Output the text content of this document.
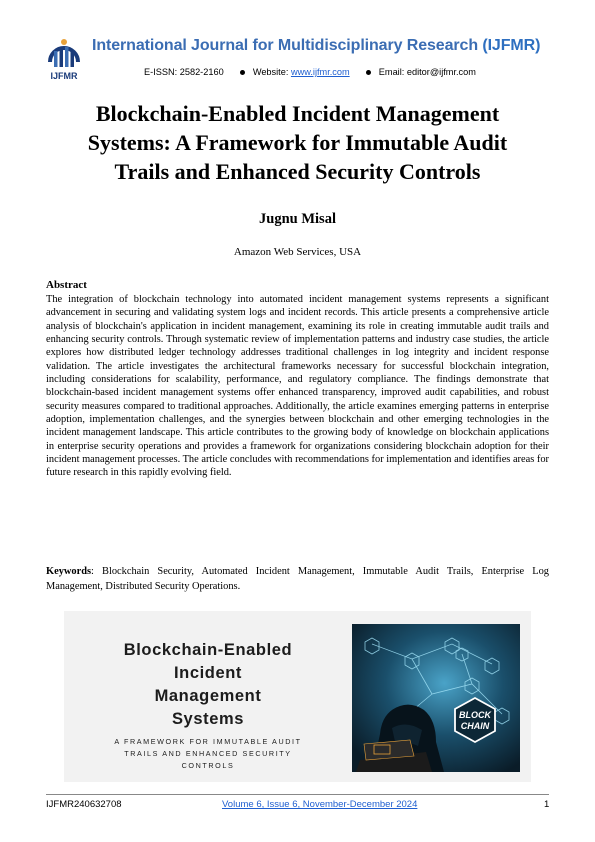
IJFMR
International Journal for Multidisciplinary Research (IJFMR)
E-ISSN: 2582-2160	Website: www.ijfmr.com	Email: editor@ijfmr.com
Blockchain-Enabled Incident Management
Systems: A Framework for Immutable Audit
Trails and Enhanced Security Controls
Jugnu Misal
Amazon Web Services, USA
Abstract

The integration of blockchain technology into automated incident management systems represents a significant advancement in securing and validating system logs and incident records. This article presents a comprehensive article analysis of blockchain's application in incident management, examining its role in creating immutable audit trails and enhancing security controls. Through systematic review of implementation patterns and industry case studies, the article explores how distributed ledger technology addresses traditional challenges in log integrity and incident response validation. The article investigates the architectural frameworks necessary for successful blockchain integration, including considerations for scalability, performance, and regulatory compliance. The findings demonstrate that blockchain-based incident management systems offer enhanced transparency, improved audit capabilities, and robust security measures compared to traditional approaches. Additionally, the article examines emerging patterns in enterprise adoption, implementation challenges, and the synergies between blockchain and other emerging technologies in the incident management landscape. This article contributes to the growing body of knowledge on blockchain applications in enterprise security operations and provides a framework for organizations considering blockchain adoption for their incident management processes. The article concludes with recommendations for implementation and identifies areas for future research in this rapidly evolving field.

Keywords: Blockchain Security, Automated Incident Management, Immutable Audit Trails, Enterprise Log Management, Distributed Security Operations.

Blockchain-Enabled
Incident
Management
Systems
A FRAMEWORK FOR IMMUTABLE AUDIT
TRAILS AND ENHANCED SECURITY
CONTROLS
BLOCK
CHAIN
IJFMR240632708	Volume 6, Issue 6, November-December 2024	1
